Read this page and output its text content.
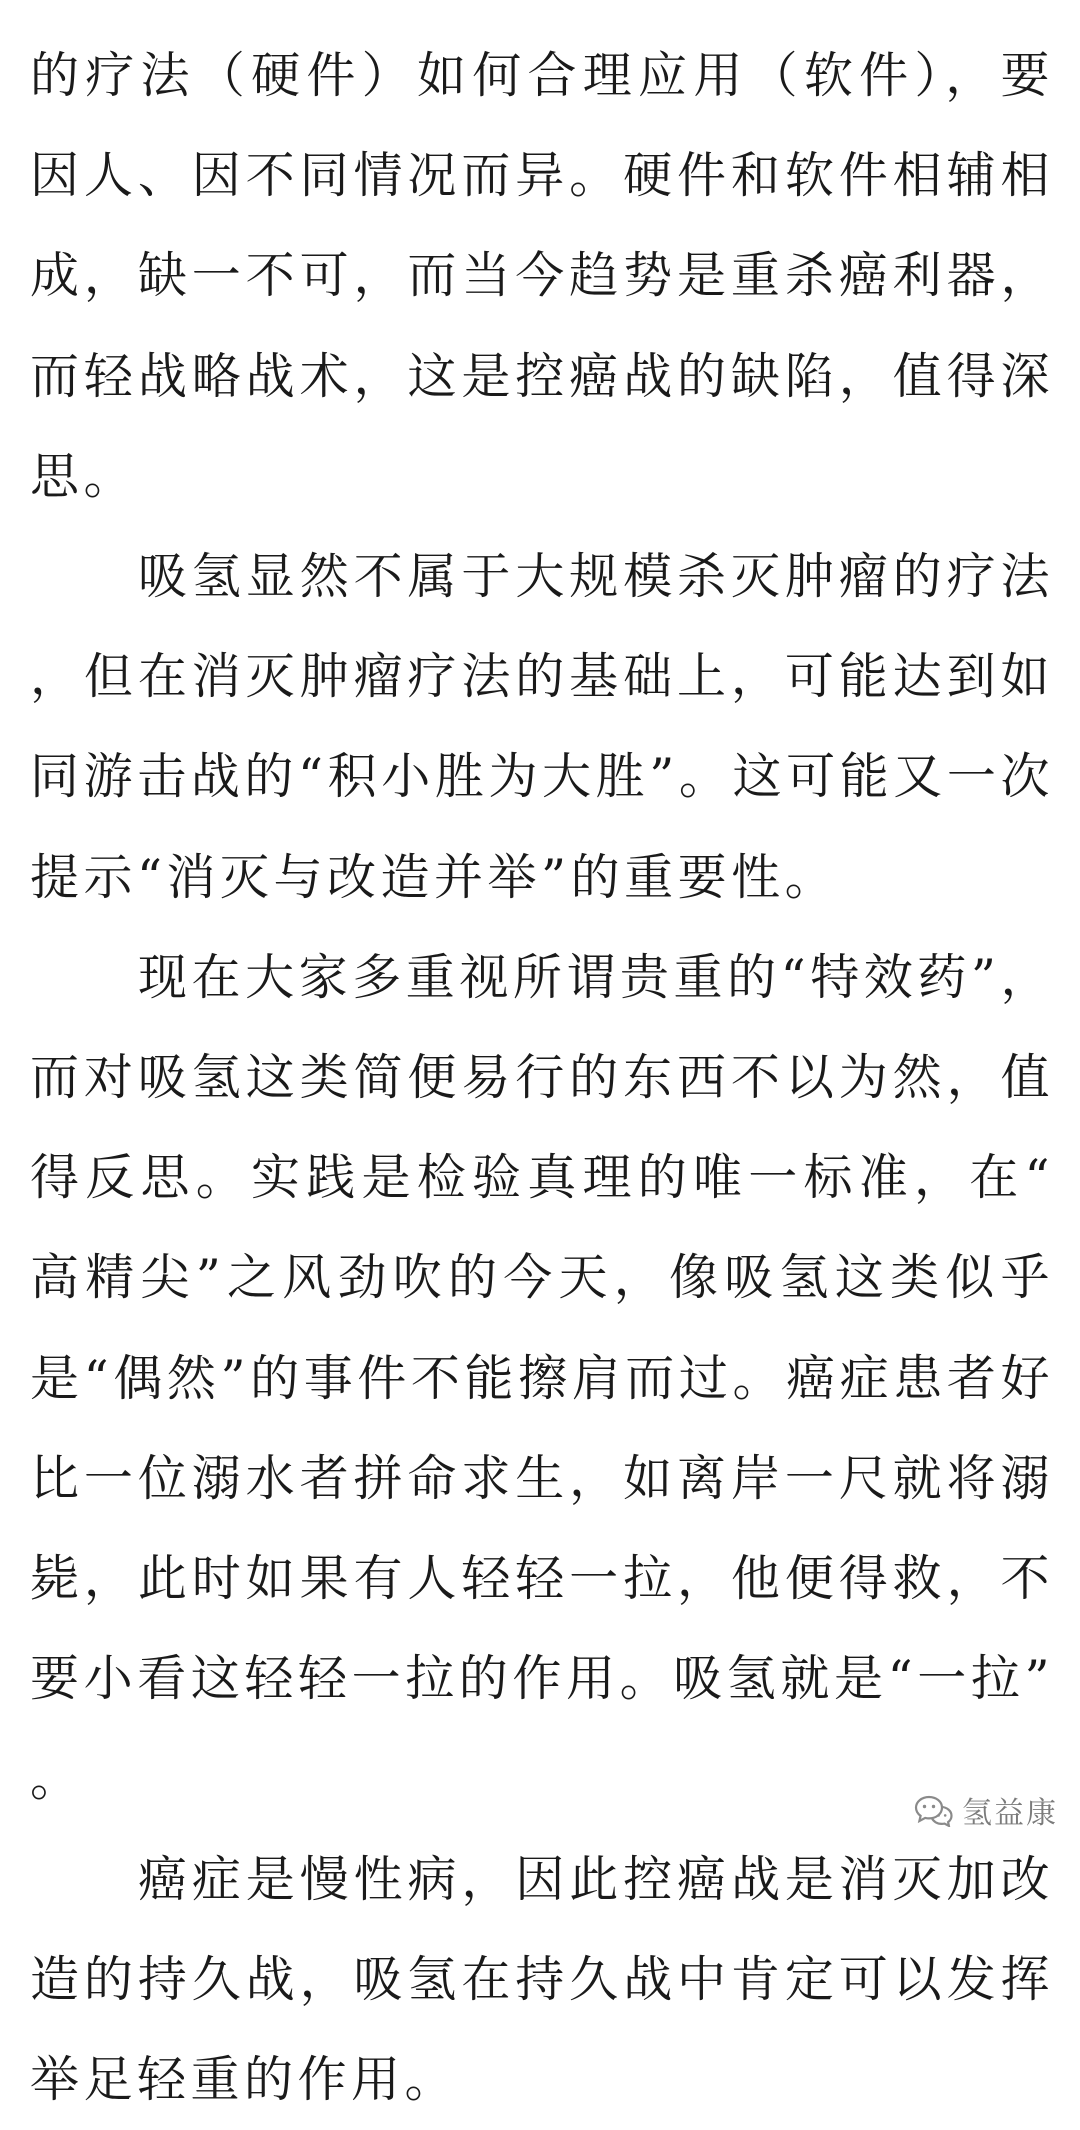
的疗法（硬件）如何合理应用（软件），要因人、因不同情况而异。硬件和软件相辅相成，缺一不可，而当今趋势是重杀癌利器，而轻战略战术，这是控癌战的缺陷，值得深思。

吸氢显然不属于大规模杀灭肿瘤的疗法，但在消灭肿瘤疗法的基础上，可能达到如同游击战的“积小胜为大胜”。这可能又一次提示“消灭与改造并举”的重要性。

现在大家多重视所谓贵重的“特效药”，而对吸氢这类简便易行的东西不以为然，值得反思。实践是检验真理的唯一标准，在“高精尖”之风劲吹的今天，像吸氢这类似乎是“偶然”的事件不能擦肩而过。癌症患者好比一位溺水者拼命求生，如离岸一尺就将溺毙，此时如果有人轻轻一拉，他便得救，不要小看这轻轻一拉的作用。吸氢就是“一拉”。

癌症是慢性病，因此控癌战是消灭加改造的持久战，吸氢在持久战中肯定可以发挥举足轻重的作用。

氢益康
